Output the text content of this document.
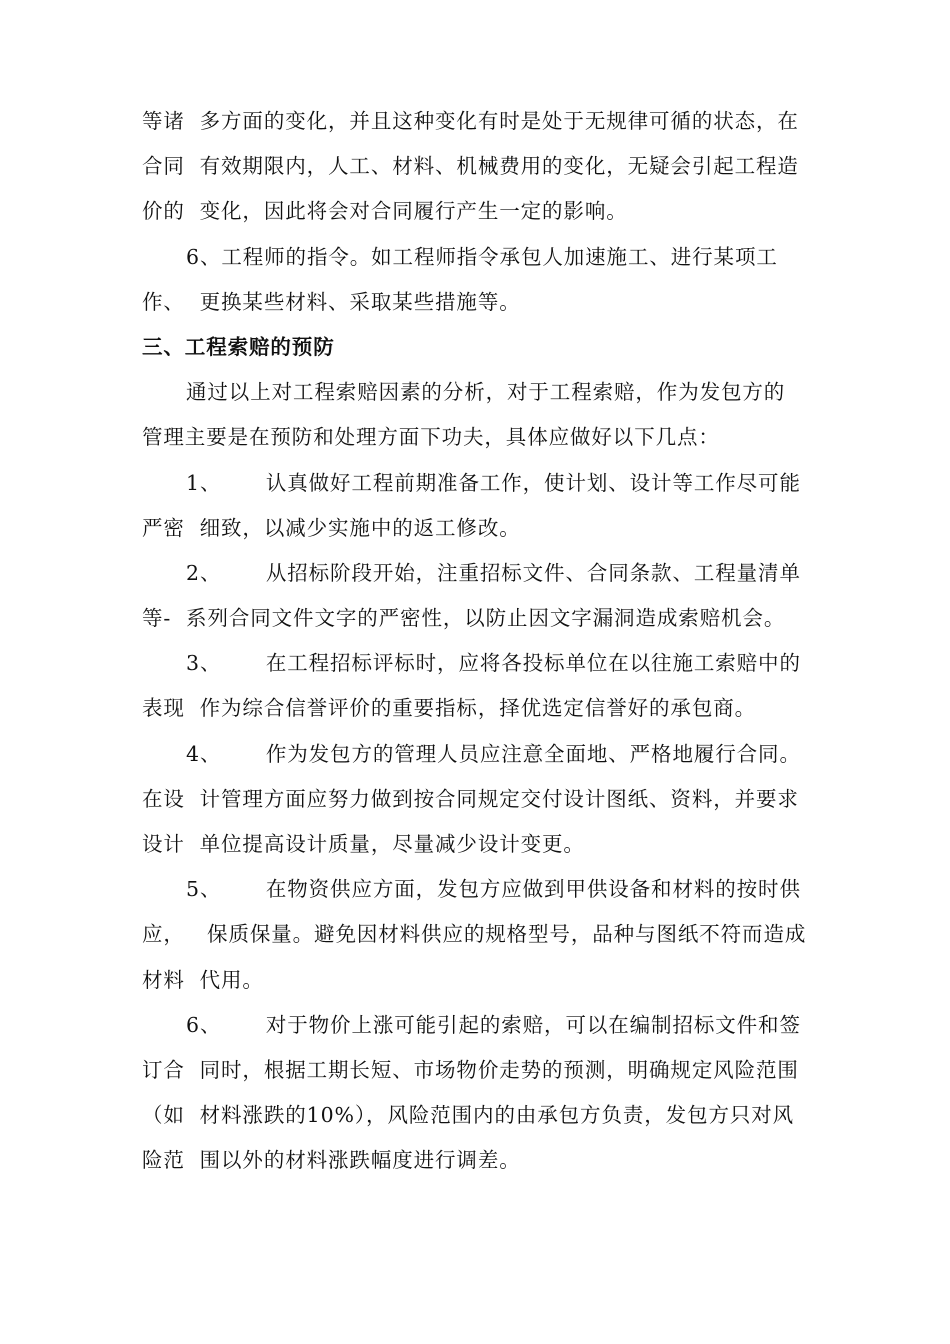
等诸  多方面的变化，并且这种变化有时是处于无规律可循的状态，在
合同  有效期限内，人工、材料、机械费用的变化，无疑会引起工程造
价的  变化，因此将会对合同履行产生一定的影响。
6、工程师的指令。如工程师指令承包人加速施工、进行某项工
作、  更换某些材料、采取某些措施等。
三、工程索赔的预防
通过以上对工程索赔因素的分析，对于工程索赔，作为发包方的
管理主要是在预防和处理方面下功夫，具体应做好以下几点：
1、      认真做好工程前期准备工作，使计划、设计等工作尽可能
严密  细致，以减少实施中的返工修改。
2、      从招标阶段开始，注重招标文件、合同条款、工程量清单
等-  系列合同文件文字的严密性，以防止因文字漏洞造成索赔机会。
3、      在工程招标评标时，应将各投标单位在以往施工索赔中的
表现  作为综合信誉评价的重要指标，择优选定信誉好的承包商。
4、      作为发包方的管理人员应注意全面地、严格地履行合同。
在设  计管理方面应努力做到按合同规定交付设计图纸、资料，并要求
设计  单位提高设计质量，尽量减少设计变更。
5、      在物资供应方面，发包方应做到甲供设备和材料的按时供
应，   保质保量。避免因材料供应的规格型号，品种与图纸不符而造成
材料  代用。
6、      对于物价上涨可能引起的索赔，可以在编制招标文件和签
订合  同时，根据工期长短、市场物价走势的预测，明确规定风险范围
（如  材料涨跌的10%），风险范围内的由承包方负责，发包方只对风
险范  围以外的材料涨跌幅度进行调差。
